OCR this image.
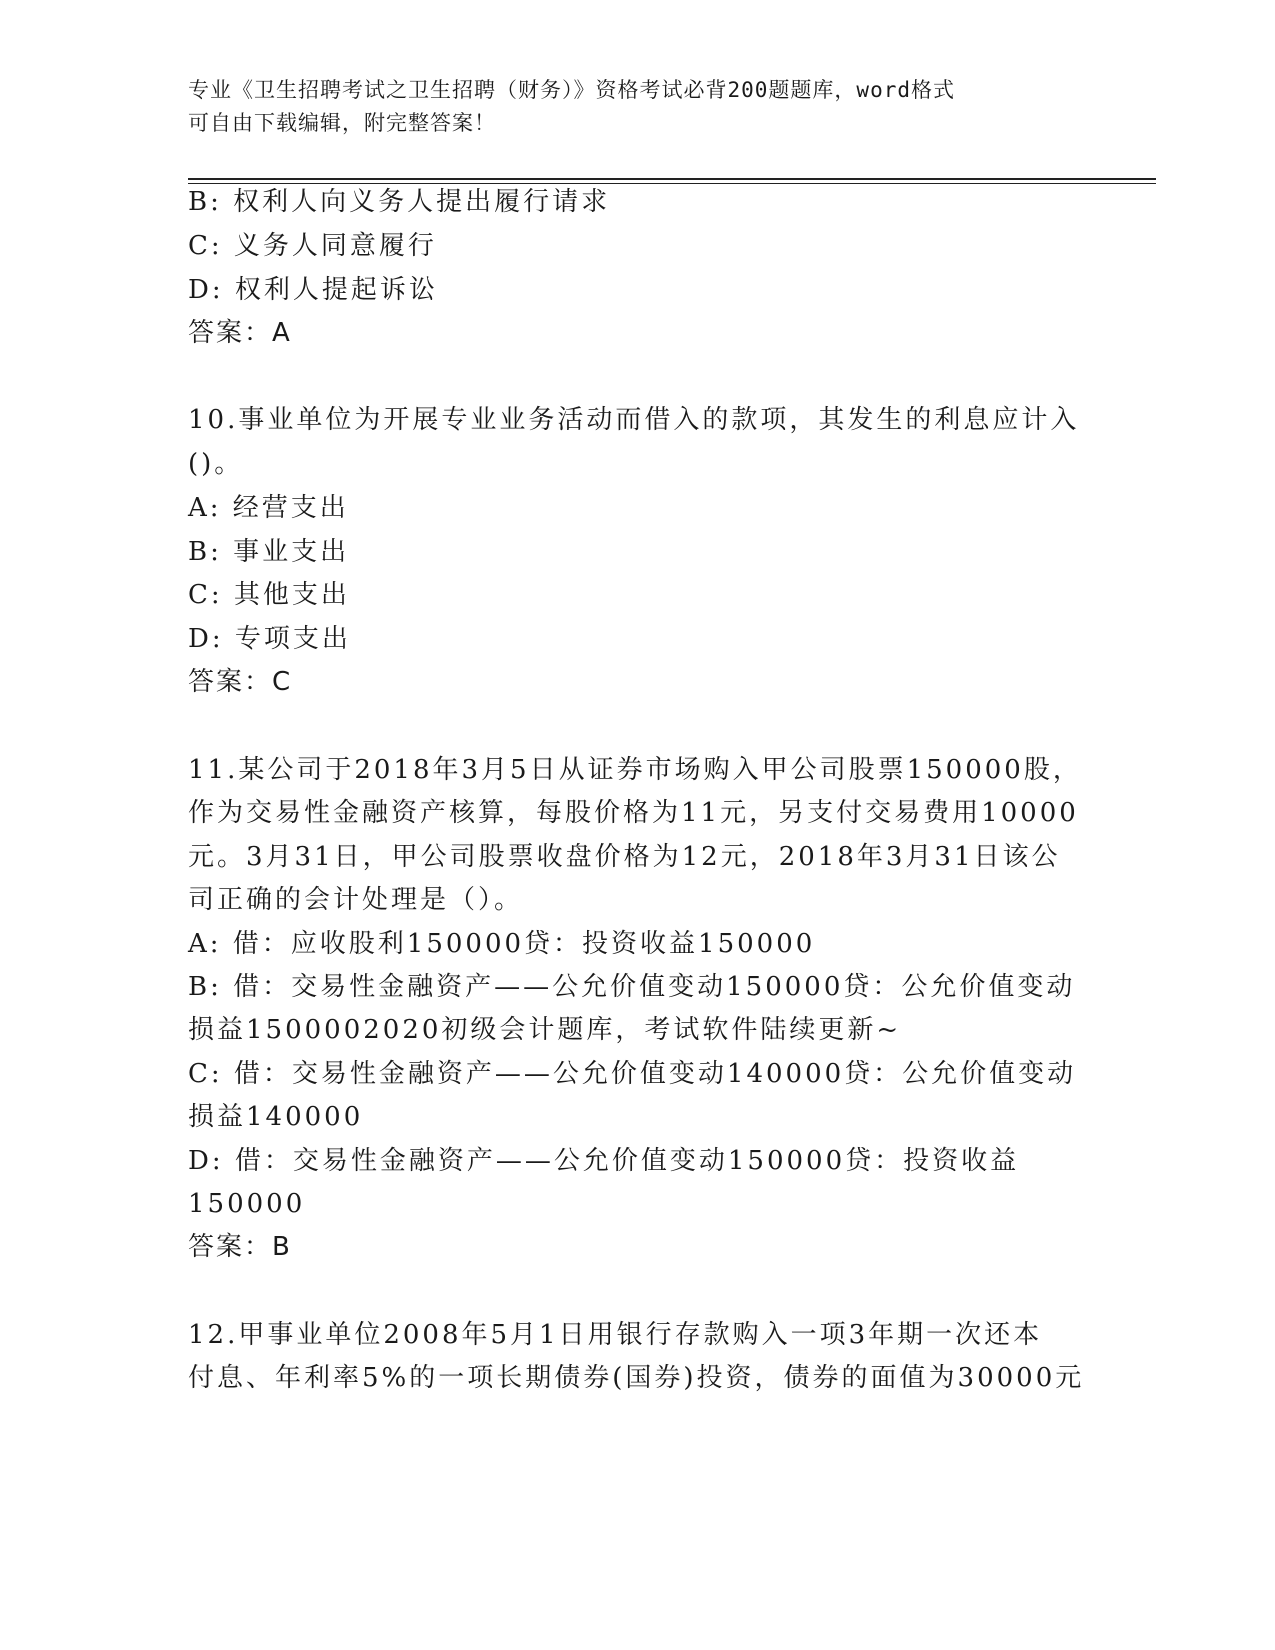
专业《卫生招聘考试之卫生招聘（财务）》资格考试必背200题题库，word格式
可自由下载编辑，附完整答案！
B: 权利人向义务人提出履行请求
C: 义务人同意履行
D: 权利人提起诉讼
答案：A
10.事业单位为开展专业业务活动而借入的款项，其发生的利息应计入
()。
A: 经营支出
B: 事业支出
C: 其他支出
D: 专项支出
答案：C
11.某公司于2018年3月5日从证券市场购入甲公司股票150000股，
作为交易性金融资产核算，每股价格为11元，另支付交易费用10000
元。3月31日，甲公司股票收盘价格为12元，2018年3月31日该公
司正确的会计处理是（）。
A: 借：应收股利150000贷：投资收益150000
B: 借：交易性金融资产——公允价值变动150000贷：公允价值变动
损益1500002020初级会计题库，考试软件陆续更新~
C: 借：交易性金融资产——公允价值变动140000贷：公允价值变动
损益140000
D: 借：交易性金融资产——公允价值变动150000贷：投资收益
150000
答案：B
12.甲事业单位2008年5月1日用银行存款购入一项3年期一次还本
付息、年利率5%的一项长期债券(国券)投资，债券的面值为30000元
